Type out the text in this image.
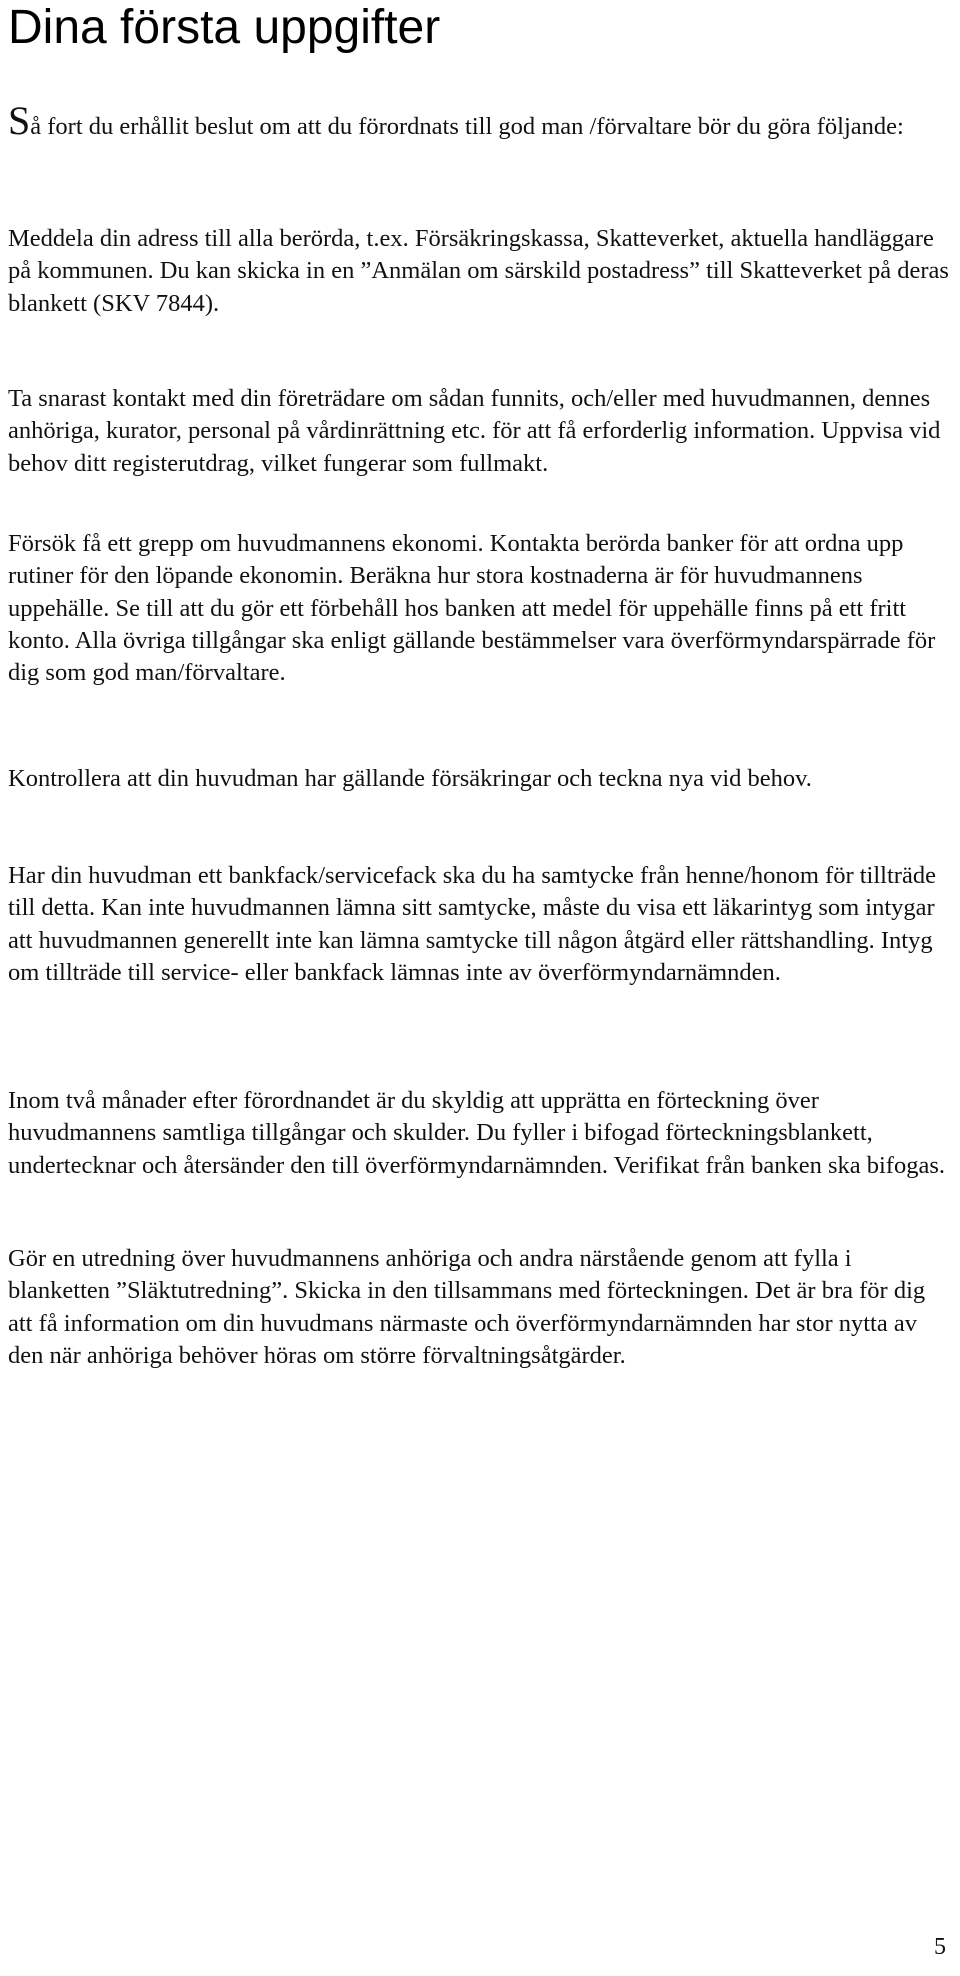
Dina första uppgifter

Så fort du erhållit beslut om att du förordnats till god man /förvaltare bör du göra följande:

Meddela din adress till alla berörda, t.ex. Försäkringskassa, Skatteverket, aktuella handläggare på kommunen. Du kan skicka in en ”Anmälan om särskild postadress” till Skatteverket på deras blankett (SKV 7844).

Ta snarast kontakt med din företrädare om sådan funnits, och/eller med huvudmannen, dennes anhöriga, kurator, personal på vårdinrättning etc. för att få erforderlig information. Uppvisa vid behov ditt registerutdrag, vilket fungerar som fullmakt.

Försök få ett grepp om huvudmannens ekonomi. Kontakta berörda banker för att ordna upp rutiner för den löpande ekonomin. Beräkna hur stora kostnaderna är för huvudmannens uppehälle. Se till att du gör ett förbehåll hos banken att medel för uppehälle finns på ett fritt konto. Alla övriga tillgångar ska enligt gällande bestämmelser vara överförmyndarspärrade för dig som god man/förvaltare.

Kontrollera att din huvudman har gällande försäkringar och teckna nya vid behov.

Har din huvudman ett bankfack/servicefack ska du ha samtycke från henne/honom för tillträde till detta. Kan inte huvudmannen lämna sitt samtycke, måste du visa ett läkarintyg som intygar att huvudmannen generellt inte kan lämna samtycke till någon åtgärd eller rättshandling. Intyg om tillträde till service- eller bankfack lämnas inte av överförmyndarnämnden.

Inom två månader efter förordnandet är du skyldig att upprätta en förteckning över huvudmannens samtliga tillgångar och skulder. Du fyller i bifogad förteckningsblankett, undertecknar och återsänder den till överförmyndarnämnden. Verifikat från banken ska bifogas.

Gör en utredning över huvudmannens anhöriga och andra närstående genom att fylla i blanketten ”Släktutredning”. Skicka in den tillsammans med förteckningen. Det är bra för dig att få information om din huvudmans närmaste och överförmyndarnämnden har stor nytta av den när anhöriga behöver höras om större förvaltningsåtgärder.

5
